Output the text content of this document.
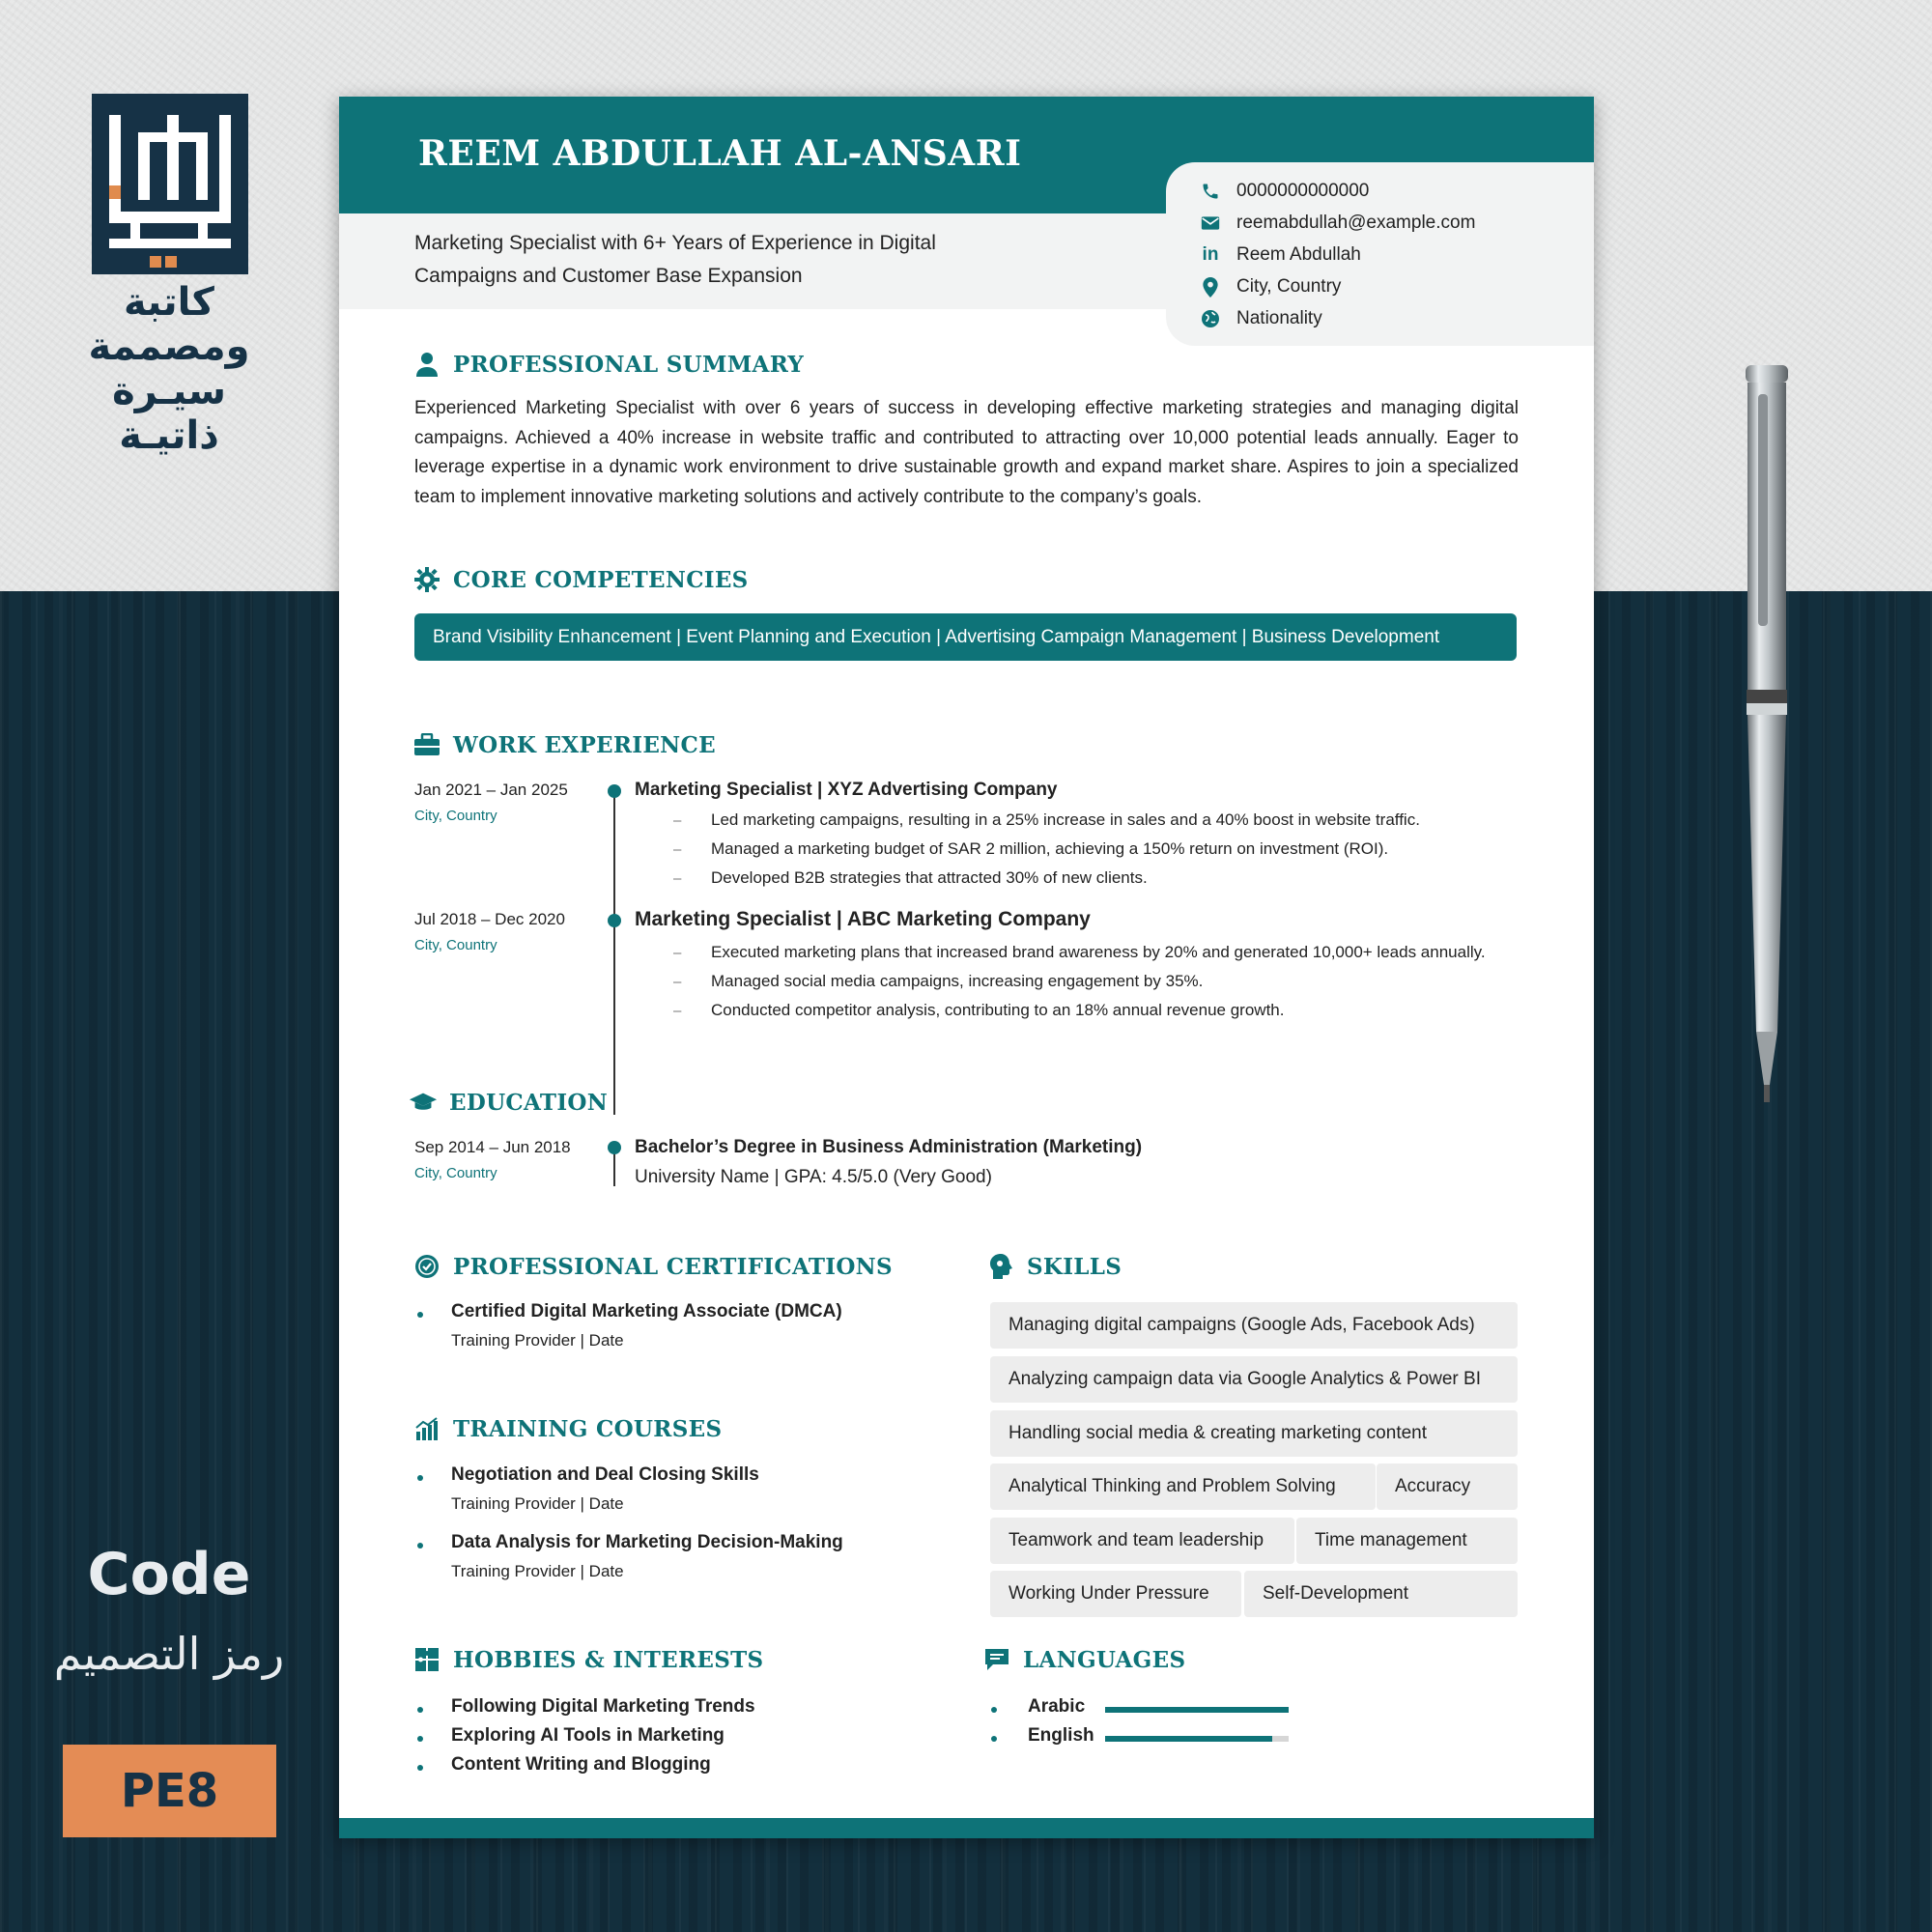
كاتبة ومصممة
سيـرة ذاتيـة
Code
رمز التصميم
PE8
REEM ABDULLAH AL-ANSARI
Marketing Specialist with 6+ Years of Experience in Digital
Campaigns and Customer Base Expansion
0000000000000
reemabdullah@example.com
in Reem Abdullah
City, Country
Nationality
PROFESSIONAL SUMMARY
Experienced Marketing Specialist with over 6 years of success in developing effective marketing strategies and managing digital campaigns. Achieved a 40% increase in website traffic and contributed to attracting over 10,000 potential leads annually. Eager to leverage expertise in a dynamic work environment to drive sustainable growth and expand market share. Aspires to join a specialized team to implement innovative marketing solutions and actively contribute to the company’s goals.
CORE COMPETENCIES
Brand Visibility Enhancement | Event Planning and Execution | Advertising Campaign Management | Business Development
WORK EXPERIENCE
Jan 2021 – Jan 2025
City, Country
Marketing Specialist | XYZ Advertising Company
– Led marketing campaigns, resulting in a 25% increase in sales and a 40% boost in website traffic.
– Managed a marketing budget of SAR 2 million, achieving a 150% return on investment (ROI).
– Developed B2B strategies that attracted 30% of new clients.
Jul 2018 – Dec 2020
City, Country
Marketing Specialist | ABC Marketing Company
– Executed marketing plans that increased brand awareness by 20% and generated 10,000+ leads annually.
– Managed social media campaigns, increasing engagement by 35%.
– Conducted competitor analysis, contributing to an 18% annual revenue growth.
EDUCATION
Sep 2014 – Jun 2018
City, Country
Bachelor’s Degree in Business Administration (Marketing)
University Name | GPA: 4.5/5.0 (Very Good)
PROFESSIONAL CERTIFICATIONS
Certified Digital Marketing Associate (DMCA)
Training Provider | Date
TRAINING COURSES
Negotiation and Deal Closing Skills
Training Provider | Date
Data Analysis for Marketing Decision-Making
Training Provider | Date
HOBBIES & INTERESTS
Following Digital Marketing Trends
Exploring AI Tools in Marketing
Content Writing and Blogging
SKILLS
Managing digital campaigns (Google Ads, Facebook Ads)
Analyzing campaign data via Google Analytics & Power BI
Handling social media & creating marketing content
Analytical Thinking and Problem Solving	Accuracy
Teamwork and team leadership	Time management
Working Under Pressure	Self-Development
LANGUAGES
Arabic
English
